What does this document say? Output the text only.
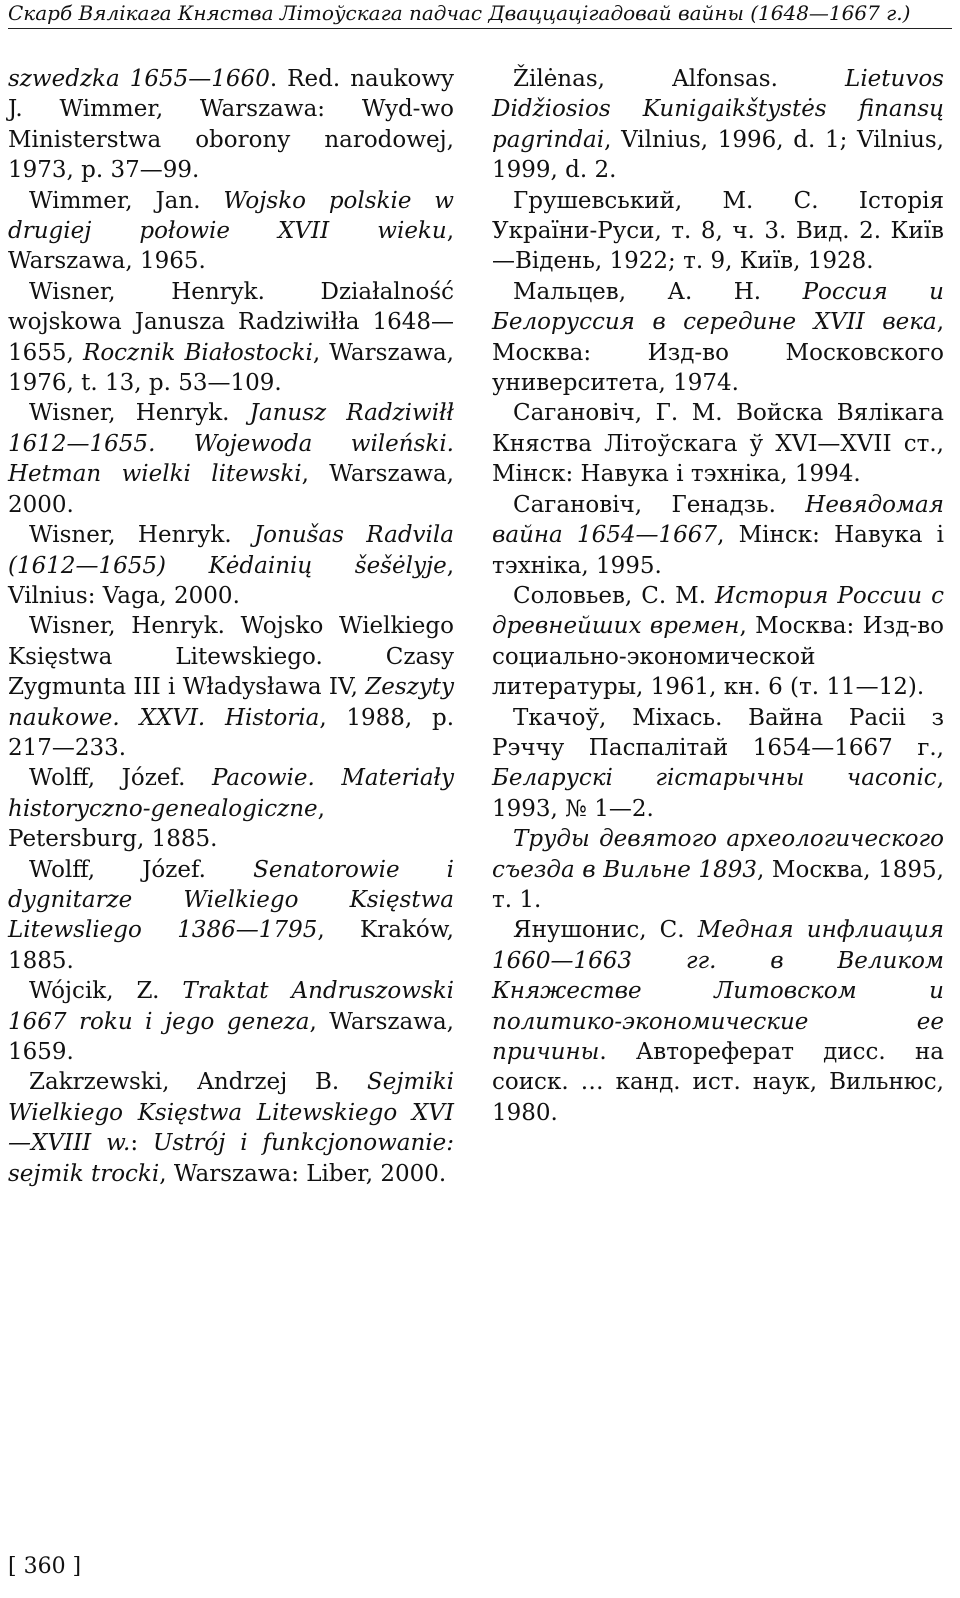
Скарб Вялікага Княства Літоўскага падчас Дваццацігадовай вайны (1648—1667 г.)

szwedzka 1655—1660. Red. naukowy J. Wimmer, Warszawa: Wyd-wo Ministerstwa oborony narodowej, 1973, p. 37—99.

Wimmer, Jan. Wojsko polskie w drugiej połowie XVII wieku, Warszawa, 1965.

Wisner, Henryk. Działalność wojskowa Janusza Radziwiłła 1648—1655, Rocznik Białostocki, Warszawa, 1976, t. 13, p. 53—109.

Wisner, Henryk. Janusz Radziwiłł 1612—1655. Wojewoda wileński. Hetman wielki litewski, Warszawa, 2000.

Wisner, Henryk. Jonušas Radvila (1612—1655) Kėdainių šešėlyje, Vilnius: Vaga, 2000.

Wisner, Henryk. Wojsko Wielkiego Księstwa Litewskiego. Czasy Zygmunta III i Władysława IV, Zeszyty naukowe. XXVI. Historia, 1988, p. 217—233.

Wolff, Józef. Pacowie. Materiały historyczno-genealogiczne, Petersburg, 1885.

Wolff, Józef. Senatorowie i dygnitarze Wielkiego Księstwa Litewsliego 1386—1795, Kraków, 1885.

Wójcik, Z. Traktat Andruszowski 1667 roku i jego geneza, Warszawa, 1659.

Zakrzewski, Andrzej B. Sejmiki Wielkiego Księstwa Litewskiego XVI—XVIII w.: Ustrój i funkcjonowanie: sejmik trocki, Warszawa: Liber, 2000.

Žilėnas, Alfonsas. Lietuvos Didžiosios Kunigaikštystės finansų pagrindai, Vilnius, 1996, d. 1; Vilnius, 1999, d. 2.

Грушевський, М. С. Історія України-Руси, т. 8, ч. 3. Вид. 2. Київ—Відень, 1922; т. 9, Київ, 1928.

Мальцев, А. Н. Россия и Белоруссия в середине XVII века, Москва: Изд-во Московского университета, 1974.

Сагановіч, Г. М. Войска Вялікага Княства Літоўскага ў XVI—XVII ст., Мінск: Навука і тэхніка, 1994.

Сагановіч, Генадзь. Невядомая вайна 1654—1667, Мінск: Навука і тэхніка, 1995.

Соловьев, С. М. История России с древнейших времен, Москва: Изд-во социально-экономической литературы, 1961, кн. 6 (т. 11—12).

Ткачоў, Міхась. Вайна Расіі з Рэччу Паспалітай 1654—1667 г., Беларускі гістарычны часопіс, 1993, № 1—2.

Труды девятого археологического съезда в Вильне 1893, Москва, 1895, т. 1.

Янушонис, С. Медная инфлиация 1660—1663 гг. в Великом Княжестве Литовском и политико-экономические ее причины. Автореферат дисс. на соиск. … канд. ист. наук, Вильнюс, 1980.

[ 360 ]
